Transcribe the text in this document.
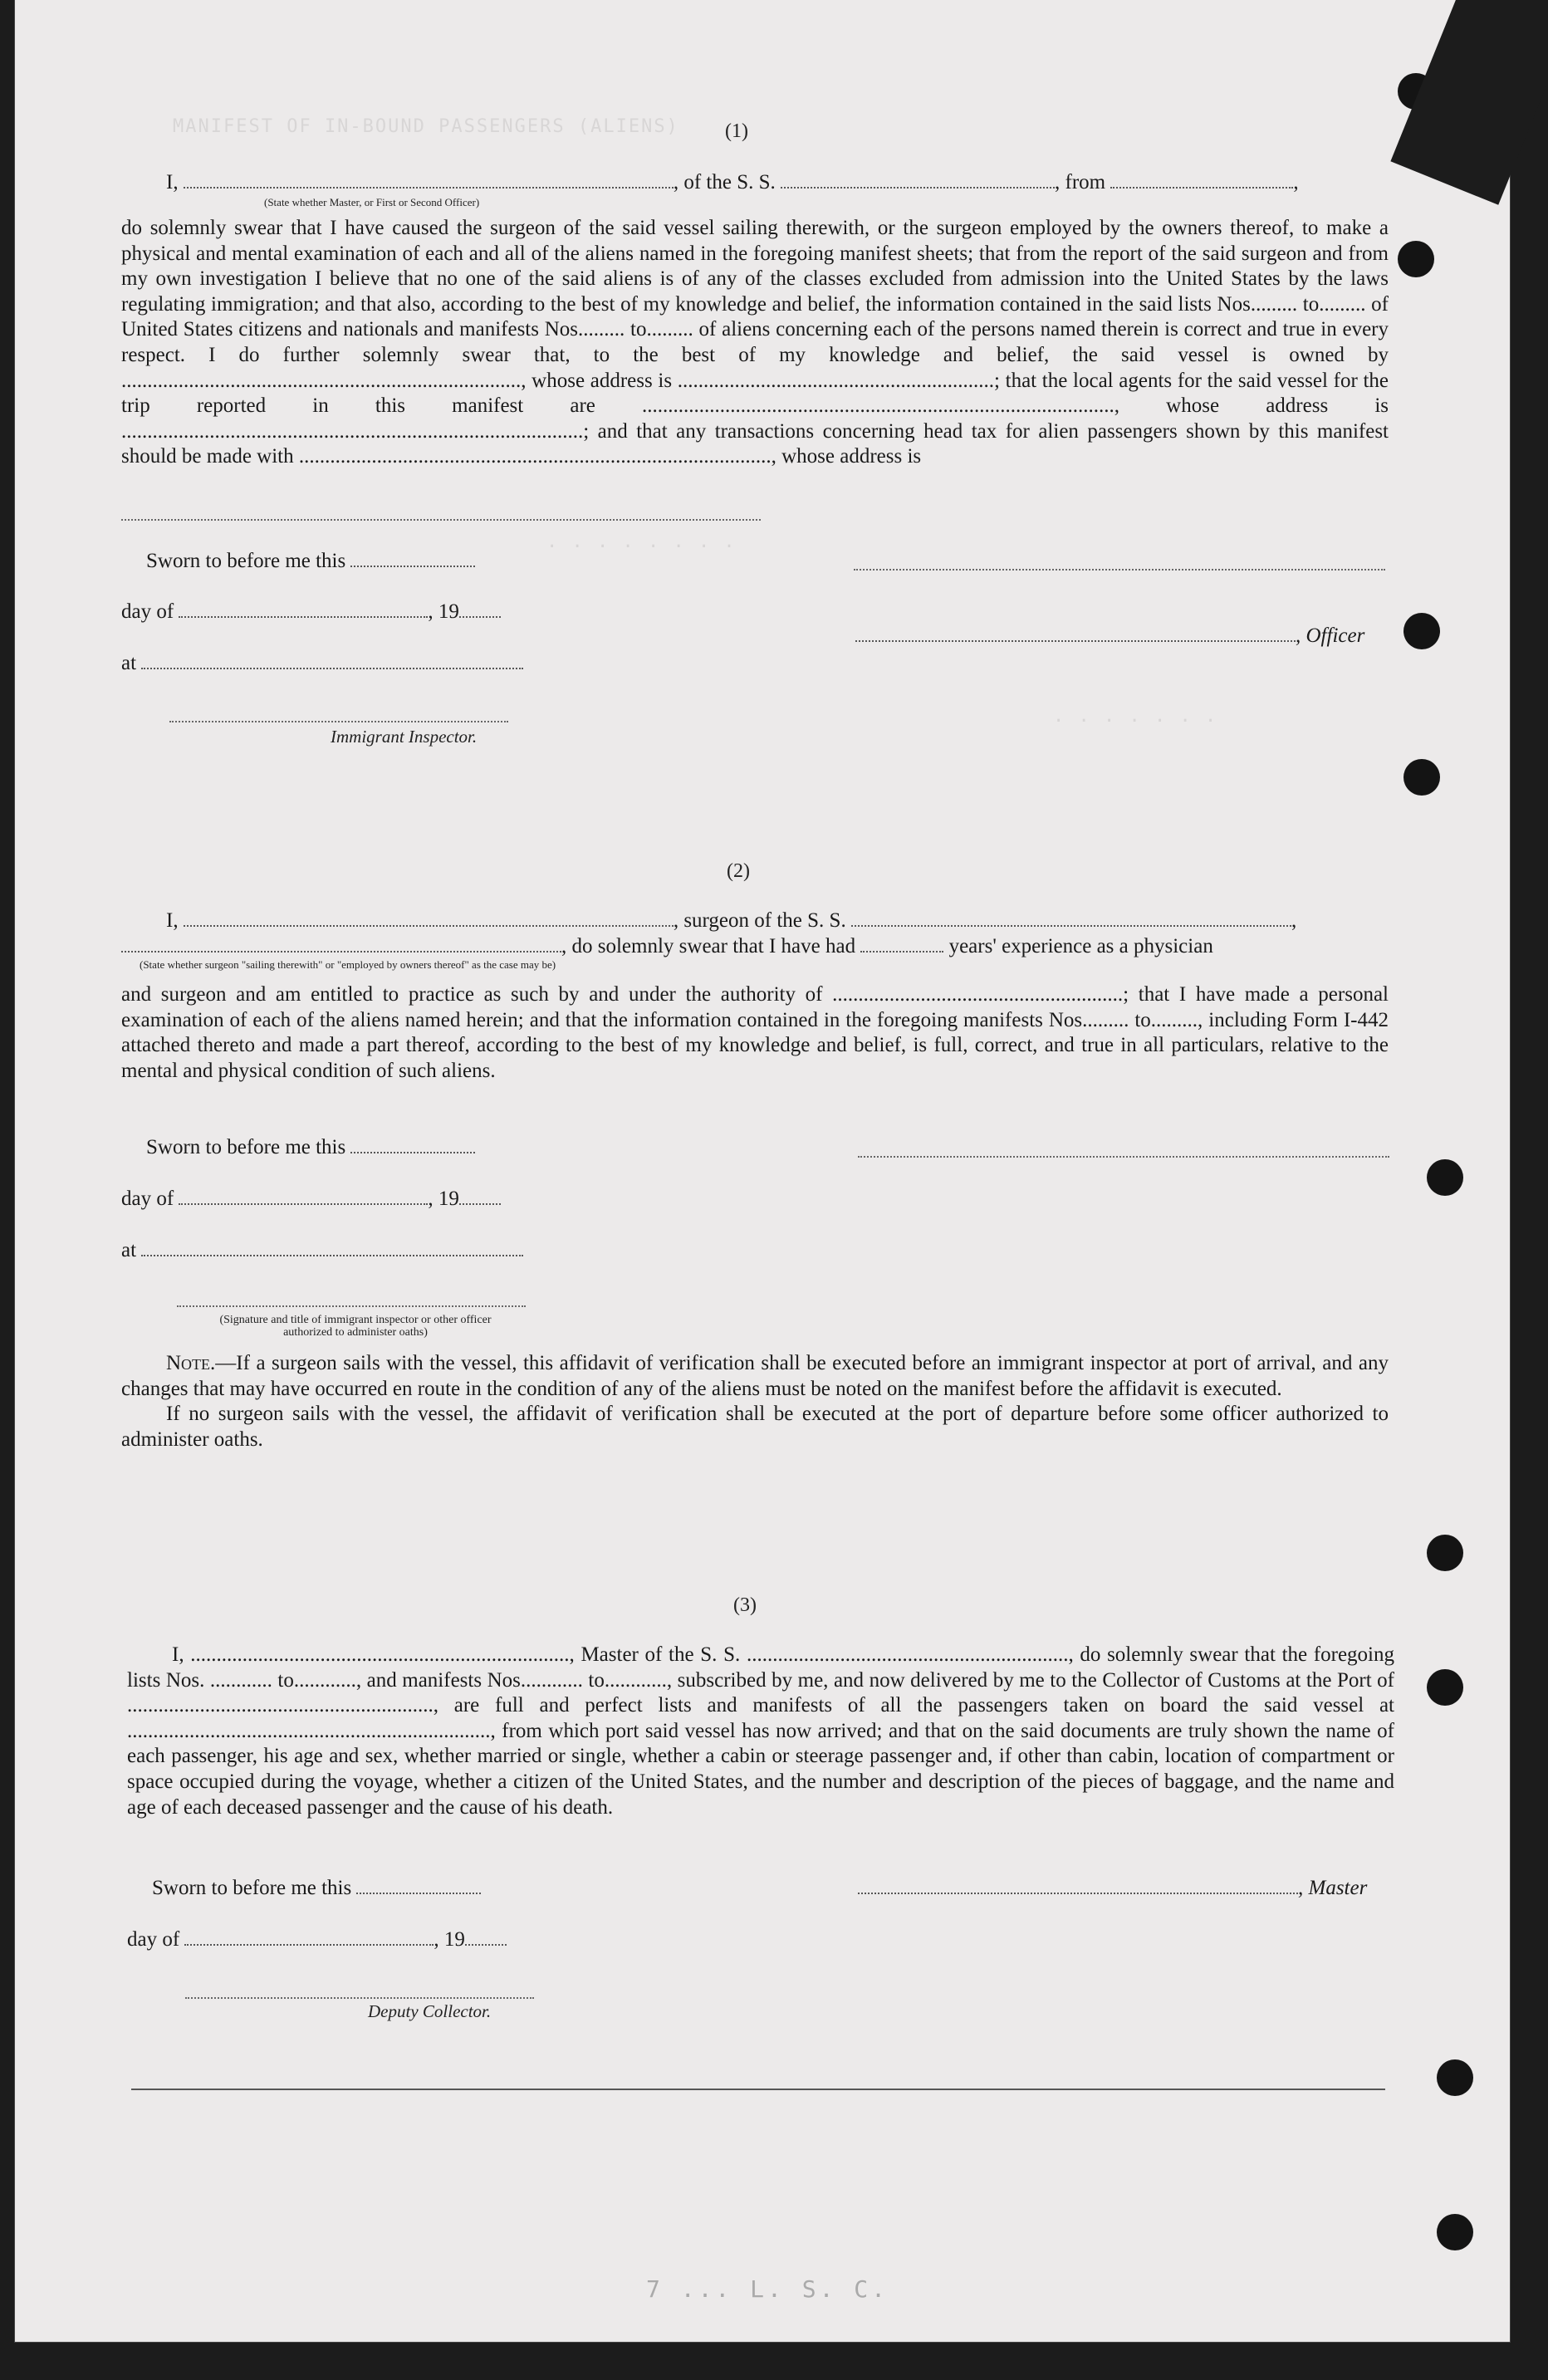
MANIFEST OF IN-BOUND PASSENGERS (ALIENS)
. . . . . . . .
. . . . . . .
(1)
I,	, of the S. S.	, from	,
(State whether Master, or First or Second Officer)
do solemnly swear that I have caused the surgeon of the said vessel sailing therewith, or the surgeon employed by the owners thereof, to make a physical and mental examination of each and all of the aliens named in the foregoing manifest sheets; that from the report of the said surgeon and from my own investigation I believe that no one of the said aliens is of any of the classes excluded from admission into the United States by the laws regulating immigration; and that also, according to the best of my knowledge and belief, the information contained in the said lists Nos......... to......... of United States citizens and nationals and manifests Nos......... to......... of aliens concerning each of the persons named therein is correct and true in every respect. I do further solemnly swear that, to the best of my knowledge and belief, the said vessel is owned by ............................................................................., whose address is .............................................................; that the local agents for the said vessel for the trip reported in this manifest are ..........................................................................................., whose address is .........................................................................................; and that any transactions concerning head tax for alien passengers shown by this manifest should be made with ..........................................................................................., whose address is
Sworn to before me this
day of	, 19
, Officer
at
Immigrant Inspector.
(2)
I,	, surgeon of the S. S.	,
, do solemnly swear that I have had	years' experience as a physician
(State whether surgeon "sailing therewith" or "employed by owners thereof" as the case may be)
and surgeon and am entitled to practice as such by and under the authority of ........................................................; that I have made a personal examination of each of the aliens named herein; and that the information contained in the foregoing manifests Nos......... to........., including Form I-442 attached thereto and made a part thereof, according to the best of my knowledge and belief, is full, correct, and true in all particulars, relative to the mental and physical condition of such aliens.
Sworn to before me this
day of	, 19
at
(Signature and title of immigrant inspector or other officer authorized to administer oaths)

Note.—If a surgeon sails with the vessel, this affidavit of verification shall be executed before an immigrant inspector at port of arrival, and any changes that may have occurred en route in the condition of any of the aliens must be noted on the manifest before the affidavit is executed.

If no surgeon sails with the vessel, the affidavit of verification shall be executed at the port of departure before some officer authorized to administer oaths.

(3)
I, ........................................................................., Master of the S. S. .............................................................., do solemnly swear that the foregoing lists Nos. ............ to............, and manifests Nos............ to............, subscribed by me, and now delivered by me to the Collector of Customs at the Port of ..........................................................., are full and perfect lists and manifests of all the passengers taken on board the said vessel at ......................................................................, from which port said vessel has now arrived; and that on the said documents are truly shown the name of each passenger, his age and sex, whether married or single, whether a cabin or steerage passenger and, if other than cabin, location of compartment or space occupied during the voyage, whether a citizen of the United States, and the number and description of the pieces of baggage, and the name and age of each deceased passenger and the cause of his death.
Sworn to before me this	, Master
day of	, 19
Deputy Collector.
7 ... L. S. C.
